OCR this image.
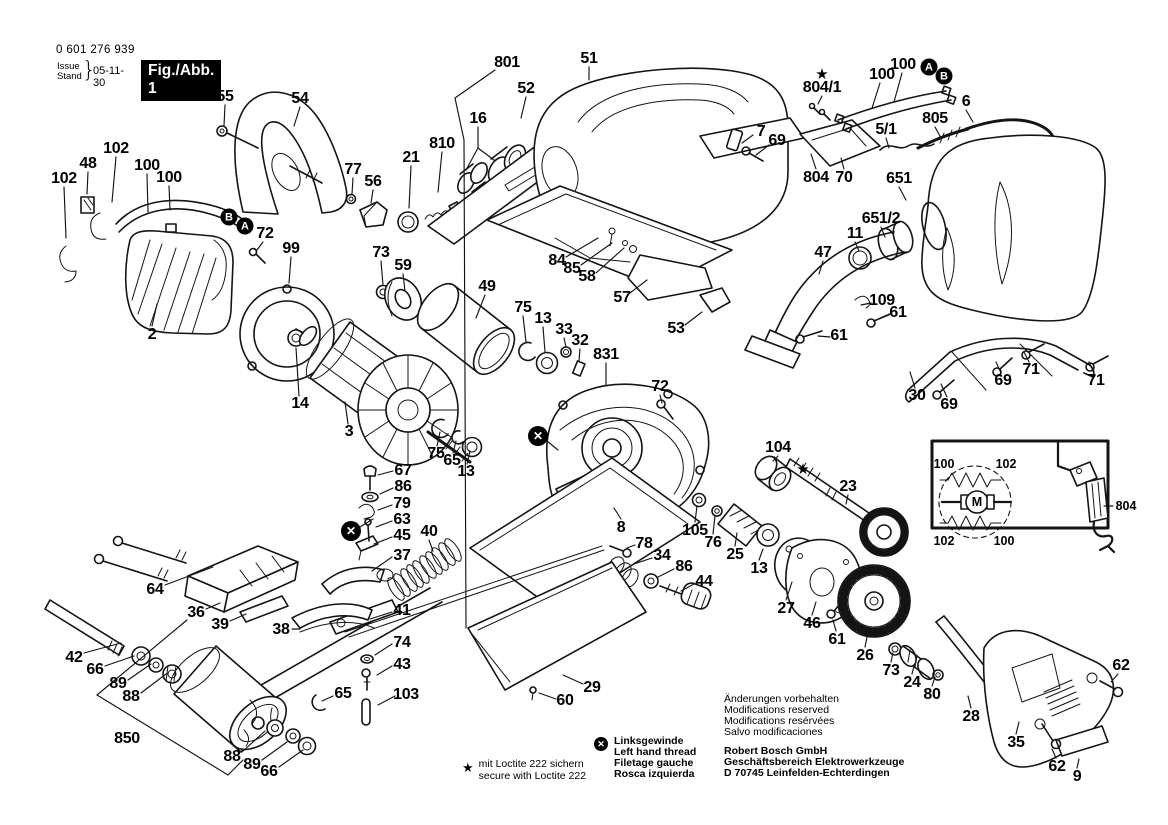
0 601 276 939
Issue
Stand }
05-11-30
Fig./Abb. 1	55	54
801
52
51
16
810
21
77
56
7
69
804/1
100
100
6
805
5/1
804 70 651
651/2
11
47
109
61
61
30
69
69
71
71
102
48
102
100
100
72
99
2
14
3
73
59
49
75
13
33
32
831
84
85
58
57
53
72
75
65
13
67
86
79
63
45 40
37
41
74
43
103
64
36
39	38
42
66
89
88
850
88 89 66
65	29
60
8
78
34
86
44
104
23
105
76
25
13
27
46
61
26
73
24
80
28
35
62
62
9
B
A
A
B
✕
✕
★
★	100	102
102	100
804
M
★ mit Loctite 222 sichern
secure with Loctite 222
✕ Linksgewinde
Left hand thread
Filetage gauche
Rosca izquierda
Änderungen vorbehalten
Modifications reserved
Modifications resérvées
Salvo modificaciones
Robert Bosch GmbH
Geschäftsbereich Elektrowerkzeuge
D 70745 Leinfelden-Echterdingen
